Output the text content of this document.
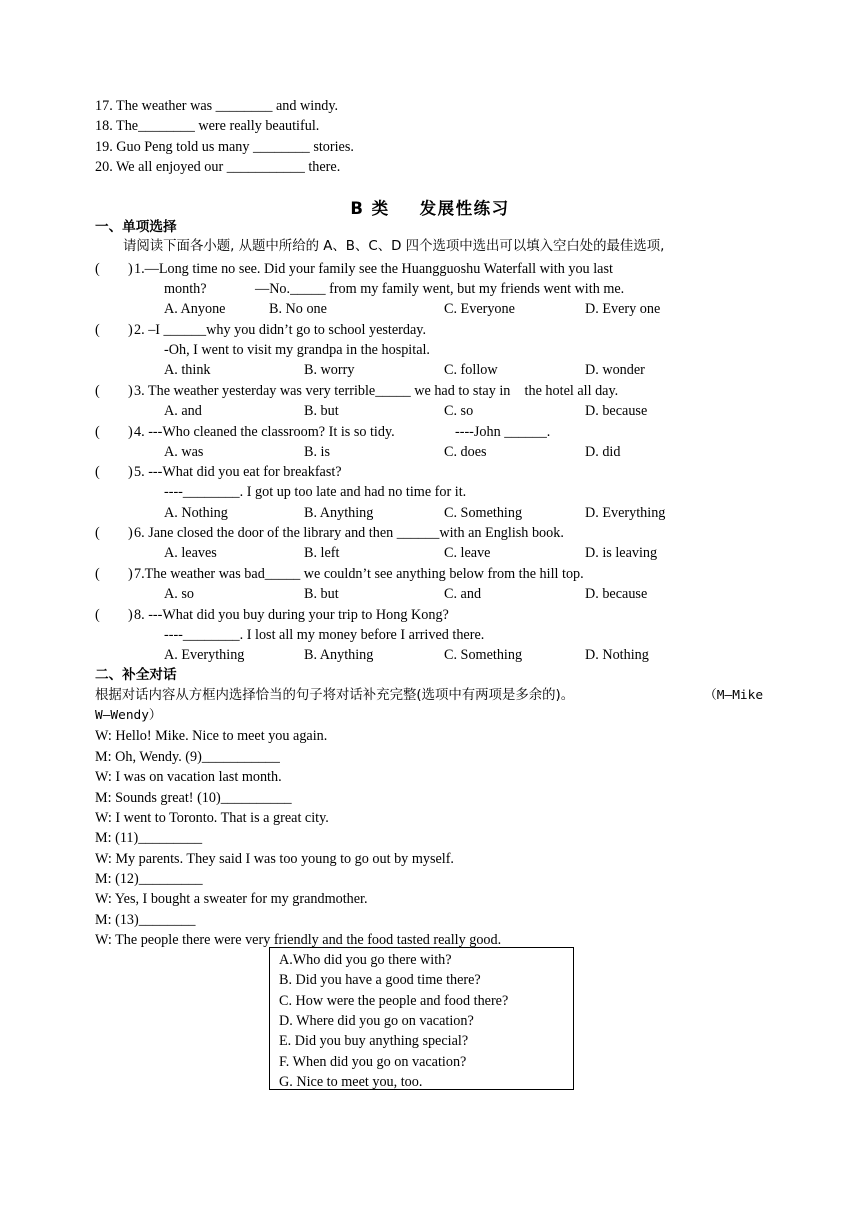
17. The weather was ________ and windy.
18. The________ were really beautiful.
19. Guo Peng told us many ________ stories.
20. We all enjoyed our ___________ there.
B 类 发展性练习
一、单项选择
请阅读下面各小题, 从题中所给的 A、B、C、D 四个选项中选出可以填入空白处的最佳选项,
( ) 1.—Long time no see. Did your family see the Huangguoshu Waterfall with you last
month?	—No._____ from my family went, but my friends went with me.
A. Anyone	B. No one	C. Everyone	D. Every one
( ) 2. –I ______why you didn’t go to school yesterday.
-Oh, I went to visit my grandpa in the hospital.
A. think	B. worry	C. follow	D. wonder
( ) 3. The weather yesterday was very terrible_____ we had to stay in    the hotel all day.
A. and	B. but	C. so	D. because
( ) 4. ---Who cleaned the classroom? It is so tidy.	----John ______.
A. was	B. is	C. does	D. did
( ) 5. ---What did you eat for breakfast?
----________. I got up too late and had no time for it.
A. Nothing	B. Anything	C. Something	D. Everything
( ) 6. Jane closed the door of the library and then ______with an English book.
A. leaves	B. left	C. leave	D. is leaving
( ) 7.The weather was bad_____ we couldn’t see anything below from the hill top.
A. so	B. but	C. and	D. because
( ) 8. ---What did you buy during your trip to Hong Kong?
----________. I lost all my money before I arrived there.
A. Everything	B. Anything	C. Something	D. Nothing
二、补全对话
根据对话内容从方框内选择恰当的句子将对话补充完整(选项中有两项是多余的)。	（M—Mike
W—Wendy）
W: Hello! Mike. Nice to meet you again.
M: Oh, Wendy. (9)___________
W: I was on vacation last month.
M: Sounds great! (10)__________
W: I went to Toronto. That is a great city.
M: (11)_________
W: My parents. They said I was too young to go out by myself.
M: (12)_________
W: Yes, I bought a sweater for my grandmother.
M: (13)________
W: The people there were very friendly and the food tasted really good.
A.Who did you go there with?
B. Did you have a good time there?
C. How were the people and food there?
D. Where did you go on vacation?
E. Did you buy anything special?
F. When did you go on vacation?
G. Nice to meet you, too.
